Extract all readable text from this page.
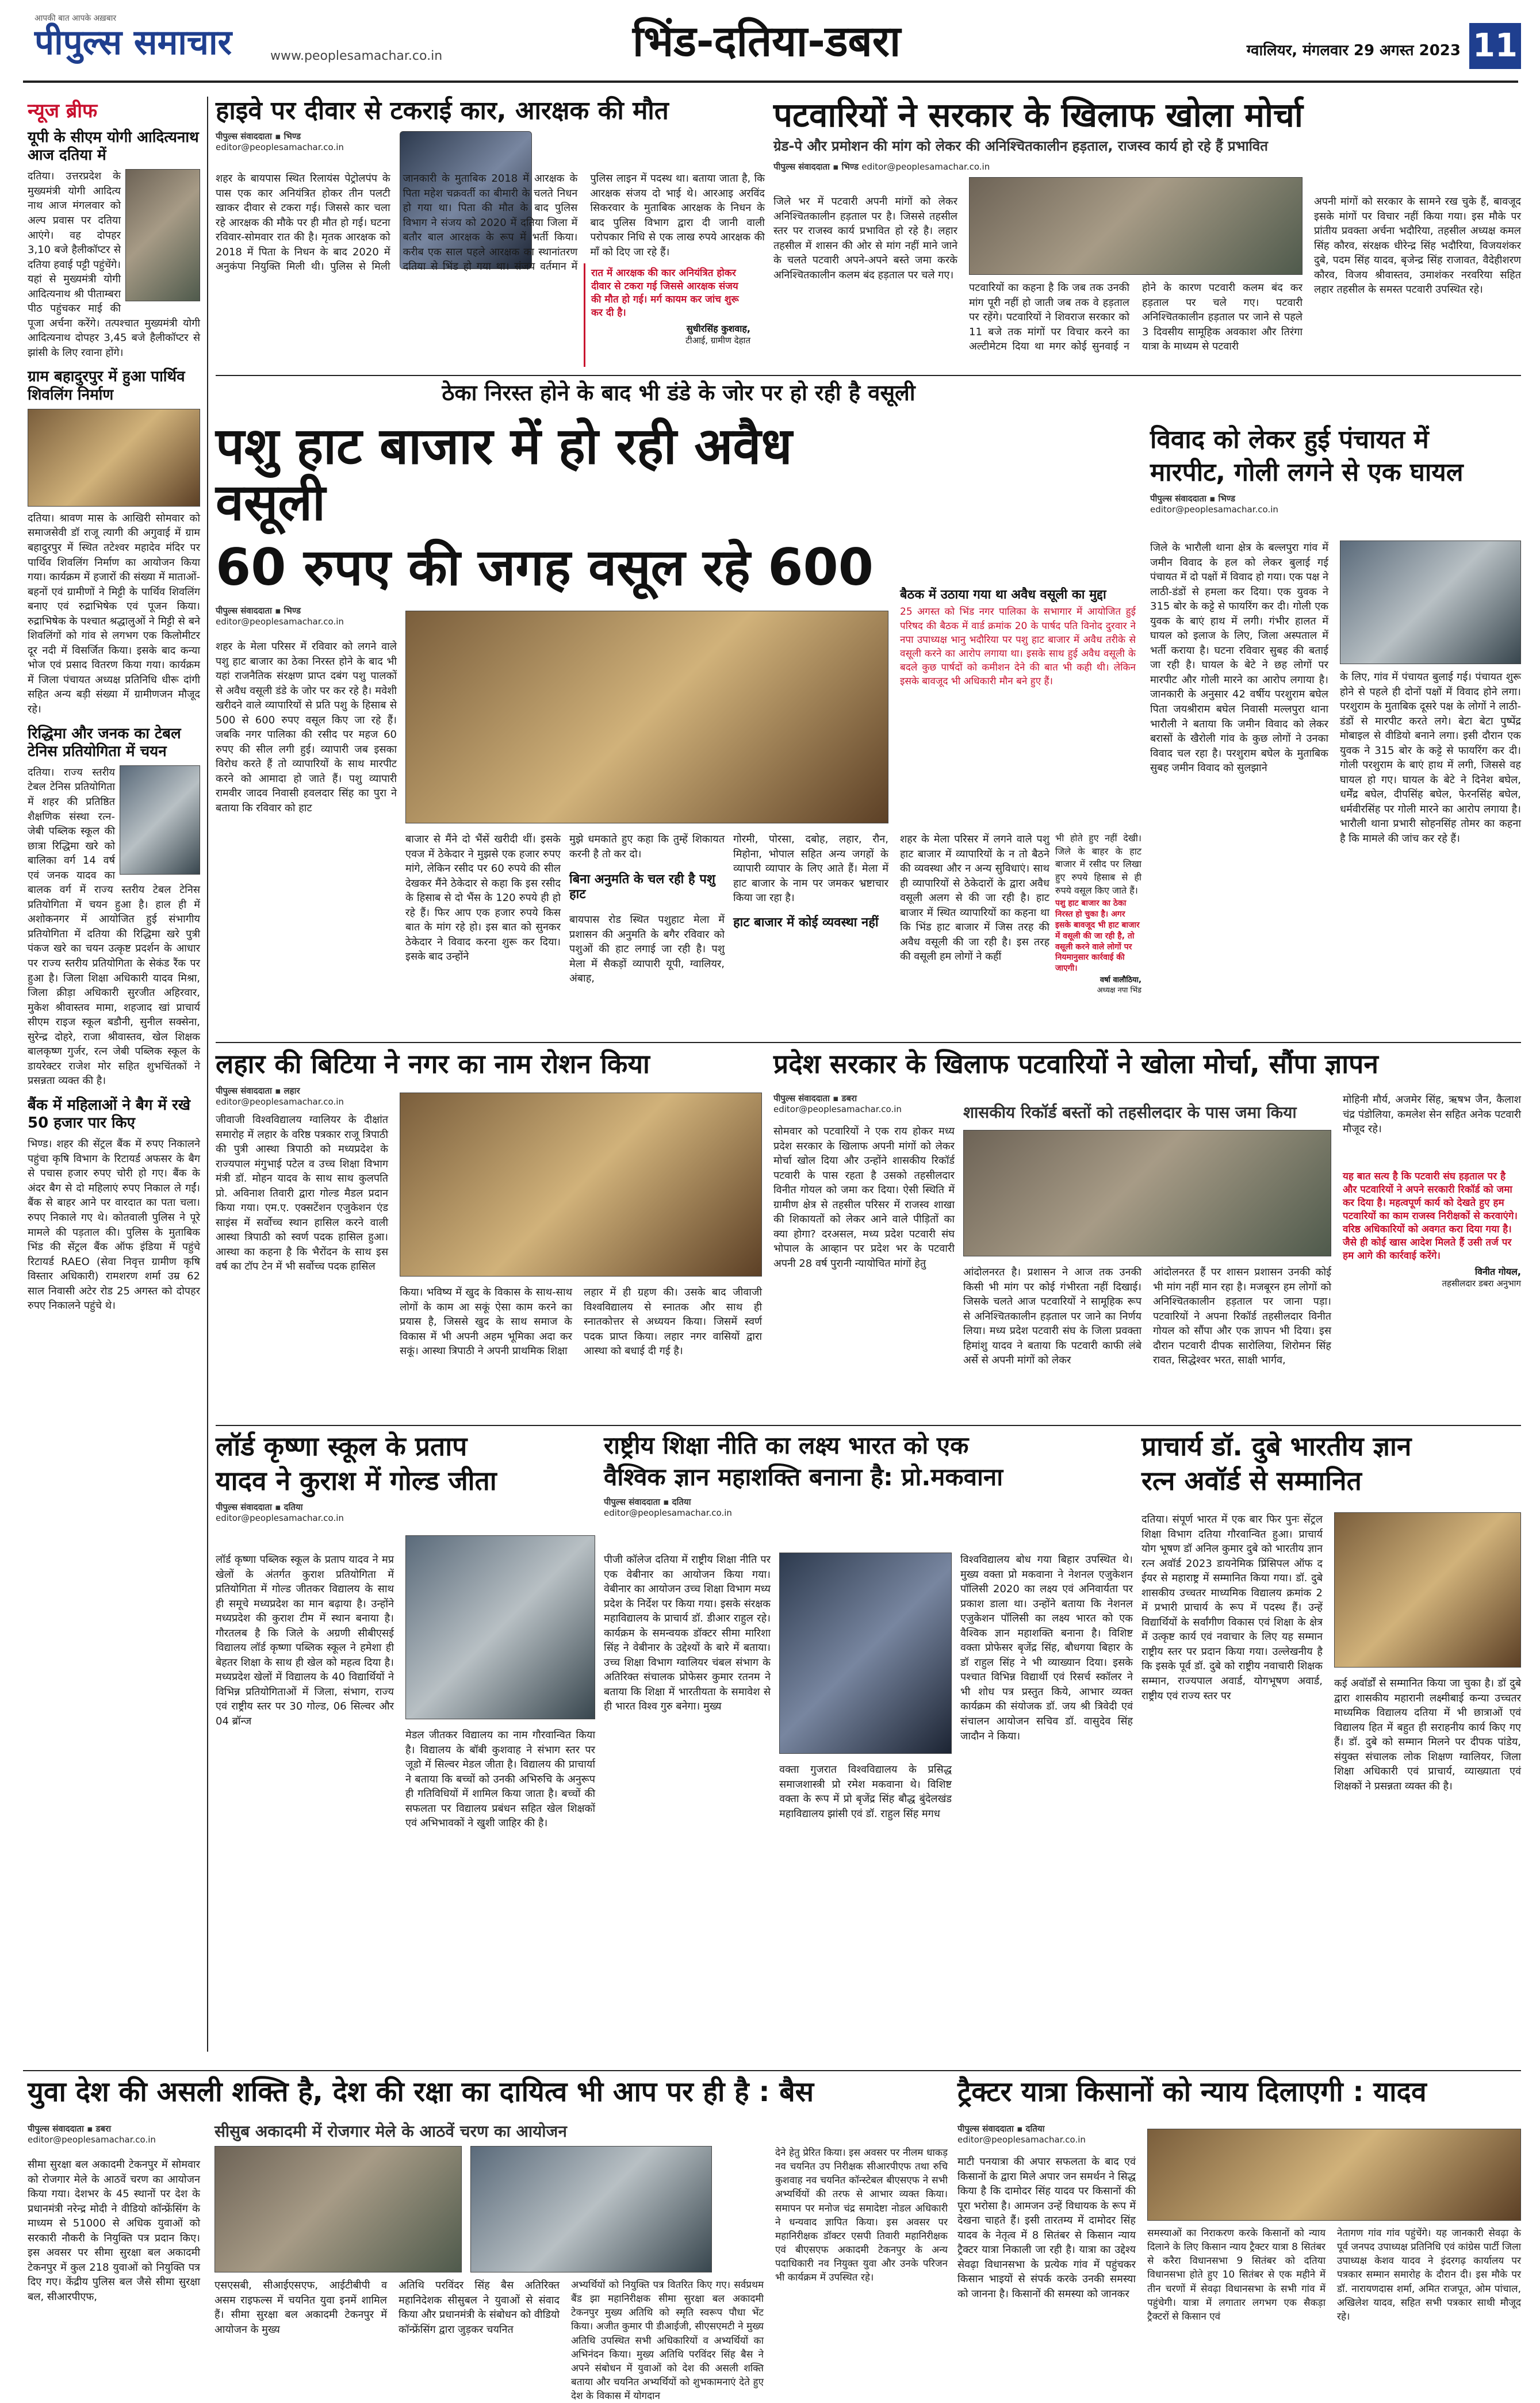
आपकी बात आपके अख़बार
पीपुल्स समाचार	www.peoplesamachar.co.in	भिंड-दतिया-डबरा	ग्वालियर, मंगलवार 29 अगस्त 2023 11
न्यूज ब्रीफ
यूपी के सीएम योगी आदित्यनाथ आज दतिया में
दतिया। उत्तरप्रदेश के मुख्यमंत्री योगी आदित्य नाथ आज मंगलवार को अल्प प्रवास पर दतिया आएंगे। वह दोपहर 3,10 बजे हैलीकॉप्टर से दतिया हवाई पट्टी पहुंचेंगे। यहां से मुख्यमंत्री योगी आदित्यनाथ श्री पीताम्बरा पीठ पहुंचकर माई की पूजा अर्चना करेंगे। तत्पश्चात मुख्यमंत्री योगी आदित्यनाथ दोपहर 3,45 बजे हैलीकॉप्टर से झांसी के लिए रवाना होंगे।
ग्राम बहादुरपुर में हुआ पार्थिव शिवलिंग निर्माण
दतिया। श्रावण मास के आखिरी सोमवार को समाजसेवी डॉ राजू त्यागी की अगुवाई में ग्राम बहादुरपुर में स्थित तटेश्वर महादेव मंदिर पर पार्थिव शिवलिंग निर्माण का आयोजन किया गया। कार्यक्रम में हजारों की संख्या में माताओं-बहनों एवं ग्रामीणों ने मिट्टी के पार्थिव शिवलिंग बनाए एवं रुद्राभिषेक एवं पूजन किया। रुद्राभिषेक के पश्चात श्रद्धालुओं ने मिट्टी से बने शिवलिंगों को गांव से लगभग एक किलोमीटर दूर नदी में विसर्जित किया। इसके बाद कन्या भोज एवं प्रसाद वितरण किया गया। कार्यक्रम में जिला पंचायत अध्यक्ष प्रतिनिधि धीरू दांगी सहित अन्य बड़ी संख्या में ग्रामीणजन मौजूद रहे।
रिद्धिमा और जनक का टेबल टेनिस प्रतियोगिता में चयन
दतिया। राज्य स्तरीय टेबल टेनिस प्रतियोगिता में शहर की प्रतिष्ठित शैक्षणिक संस्था रत्न-जेबी पब्लिक स्कूल की छात्रा रिद्धिमा खरे को बालिका वर्ग 14 वर्ष एवं जनक यादव का बालक वर्ग में राज्य स्तरीय टेबल टेनिस प्रतियोगिता में चयन हुआ है। हाल ही में अशोकनगर में आयोजित हुई संभागीय प्रतियोगिता में दतिया की रिद्धिमा खरे पुत्री पंकज खरे का चयन उत्कृष्ट प्रदर्शन के आधार पर राज्य स्तरीय प्रतियोगिता के सेकंड रैंक पर हुआ है। जिला शिक्षा अधिकारी यादव मिश्रा, जिला क्रीड़ा अधिकारी सुरजीत अहिरवार, मुकेश श्रीवास्तव मामा, शहजाद खां प्राचार्य सीएम राइज स्कूल बडौनी, सुनील सक्सेना, सुरेन्द्र दोहरे, राजा श्रीवास्तव, खेल शिक्षक बालकृष्ण गुर्जर, रत्न जेबी पब्लिक स्कूल के डायरेक्टर राजेश मोर सहित शुभचिंतकों ने प्रसन्नता व्यक्त की है।
बैंक में महिलाओं ने बैग में रखे 50 हजार पार किए
भिण्ड। शहर की सेंट्रल बैंक में रुपए निकालने पहुंचा कृषि विभाग के रिटायर्ड अफसर के बैग से पचास हजार रुपए चोरी हो गए। बैंक के अंदर बैग से दो महिलाएं रुपए निकाल ले गईं। बैंक से बाहर आने पर वारदात का पता चला। रुपए निकाले गए थे। कोतवाली पुलिस ने पूरे मामले की पड़ताल की। पुलिस के मुताबिक भिंड की सेंट्रल बैंक ऑफ इंडिया में पहुंचे रिटायर्ड RAEO (सेवा निवृत्त ग्रामीण कृषि विस्तार अधिकारी) रामशरण शर्मा उम्र 62 साल निवासी अटेर रोड 25 अगस्त को दोपहर रुपए निकालने पहुंचे थे।
हाइवे पर दीवार से टकराई कार, आरक्षक की मौत
पीपुल्स संवाददाता ▪ भिण्ड
editor@peoplesamachar.co.in
शहर के बायपास स्थित रिलायंस पेट्रोलपंप के पास एक कार अनियंत्रित होकर तीन पलटी खाकर दीवार से टकरा गई। जिससे कार चला रहे आरक्षक की मौके पर ही मौत हो गई। घटना रविवार-सोमवार रात की है। मृतक आरक्षक को 2018 में पिता के निधन के बाद 2020 में अनुकंपा नियुक्ति मिली थी। पुलिस से मिली जानकारी के मुताबिक 2018 में आरक्षक के पिता महेश चक्रवर्ती का बीमारी के चलते निधन हो गया था। पिता की मौत के बाद पुलिस विभाग ने संजय को 2020 में दतिया जिला में बतौर बाल आरक्षक के रूप में भर्ती किया। करीब एक साल पहले आरक्षक का स्थानांतरण दतिया से भिंड हो गया था। संजय वर्तमान में पुलिस लाइन में पदस्थ था। बताया जाता है, कि आरक्षक संजय दो भाई थे। आरआइ अरविंद सिकरवार के मुताबिक आरक्षक के निधन के बाद पुलिस विभाग द्वारा दी जानी वाली परोपकार निधि से एक लाख रुपये आरक्षक की माँ को दिए जा रहे हैं।
रात में आरक्षक की कार अनियंत्रित होकर दीवार से टकरा गई जिससे आरक्षक संजय की मौत हो गई। मर्ग कायम कर जांच शुरू कर दी है।
सुधीरसिंह कुशवाह,
टीआई, ग्रामीण देहात
पटवारियों ने सरकार के खिलाफ खोला मोर्चा
ग्रेड-पे और प्रमोशन की मांग को लेकर की अनिश्चितकालीन हड़ताल, राजस्व कार्य हो रहे हैं प्रभावित
पीपुल्स संवाददाता ▪ भिण्ड editor@peoplesamachar.co.in
जिले भर में पटवारी अपनी मांगों को लेकर अनिश्चितकालीन हड़ताल पर है। जिससे तहसील स्तर पर राजस्व कार्य प्रभावित हो रहे है। लहार तहसील में शासन की ओर से मांग नहीं माने जाने के चलते पटवारी अपने-अपने बस्ते जमा करके अनिश्चितकालीन कलम बंद हड़ताल पर चले गए।
पटवारियों का कहना है कि जब तक उनकी मांग पूरी नहीं हो जाती जब तक वे हड़ताल पर रहेंगे। पटवारियों ने शिवराज सरकार को 11 बजे तक मांगों पर विचार करने का अल्टीमेटम दिया था मगर कोई सुनवाई न होने के कारण पटवारी कलम बंद कर हड़ताल पर चले गए। पटवारी अनिश्चितकालीन हड़ताल पर जाने से पहले 3 दिवसीय सामूहिक अवकाश और तिरंगा यात्रा के माध्यम से पटवारी
अपनी मांगों को सरकार के सामने रख चुके हैं, बावजूद इसके मांगों पर विचार नहीं किया गया। इस मौके पर प्रांतीय प्रवक्ता अर्चना भदौरिया, तहसील अध्यक्ष कमल सिंह कौरव, संरक्षक धीरेन्द्र सिंह भदौरिया, विजयशंकर दुबे, पदम सिंह यादव, बृजेन्द्र सिंह राजावत, वैदेहीशरण कौरव, विजय श्रीवास्तव, उमाशंकर नरवरिया सहित लहार तहसील के समस्त पटवारी उपस्थित रहे।
ठेका निरस्त होने के बाद भी डंडे के जोर पर हो रही है वसूली
पशु हाट बाजार में हो रही अवैध वसूली
60 रुपए की जगह वसूल रहे 600
पीपुल्स संवाददाता ▪ भिण्ड
editor@peoplesamachar.co.in
शहर के मेला परिसर में रविवार को लगने वाले पशु हाट बाजार का ठेका निरस्त होने के बाद भी यहां राजनैतिक संरक्षण प्राप्त दबंग पशु पालकों से अवैध वसूली डंडे के जोर पर कर रहे है। मवेशी खरीदने वाले व्यापारियों से प्रति पशु के हिसाब से 500 से 600 रुपए वसूल किए जा रहे हैं। जबकि नगर पालिका की रसीद पर महज 60 रुपए की सील लगी हुई। व्यापारी जब इसका विरोध करते हैं तो व्यापारियों के साथ मारपीट करने को आमादा हो जाते हैं। पशु व्यापारी रामवीर जादव निवासी हवलदार सिंह का पुरा ने बताया कि रविवार को हाट
बाजार से मैंने दो भैंसें खरीदी थीं। इसके एवज में ठेकेदार ने मुझसे एक हजार रुपए मांगे, लेकिन रसीद पर 60 रुपये की सील देखकर मैंने ठेकेदार से कहा कि इस रसीद के हिसाब से दो भैंस के 120 रुपये ही हो रहे हैं। फिर आप एक हजार रुपये किस बात के मांग रहे हो। इस बात को सुनकर ठेकेदार ने विवाद करना शुरू कर दिया। इसके बाद उन्होंने
मुझे धमकाते हुए कहा कि तुम्हें शिकायत करनी है तो कर दो।
बिना अनुमति के चल रही है पशु हाट
बायपास रोड स्थित पशुहाट मेला में प्रशासन की अनुमति के बगैर रविवार को पशुओं की हाट लगाई जा रही है। पशु मेला में सैकड़ों व्यापारी यूपी, ग्वालियर, अंबाह,
गोरमी, पोरसा, दबोह, लहार, रौन, मिहोना, भोपाल सहित अन्य जगहों के व्यापारी व्यापार के लिए आते हैं। मेला में हाट बाजार के नाम पर जमकर भ्रष्टाचार किया जा रहा है।
हाट बाजार में कोई व्यवस्था नहीं
शहर के मेला परिसर में लगने वाले पशु हाट बाजार में व्यापारियों के न तो बैठने की व्यवस्था और न अन्य सुविधाएं। साथ ही व्यापारियों से ठेकेदारों के द्वारा अवैध वसूली अलग से की जा रही है। हाट बाजार में स्थित व्यापारियों का कहना था कि भिंड हाट बाजार में जिस तरह की अवैध वसूली की जा रही है। इस तरह की वसूली हम लोगों ने कहीं
बैठक में उठाया गया था अवैध वसूली का मुद्दा
25 अगस्त को भिंड नगर पालिका के सभागार में आयोजित हुई परिषद की बैठक में वार्ड क्रमांक 20 के पार्षद पति विनोद दुरवार ने नपा उपाध्यक्ष भानु भदौरिया पर पशु हाट बाजार में अवैध तरीके से वसूली करने का आरोप लगाया था। इसके साथ हुई अवैध वसूली के बदले कुछ पार्षदों को कमीशन देने की बात भी कही थी। लेकिन इसके बावजूद भी अधिकारी मौन बने हुए हैं।
भी होते हुए नहीं देखी। जिले के बाहर के हाट बाजार में रसीद पर लिखा हुए रुपये हिसाब से ही रुपये वसूल किए जाते हैं।
पशु हाट बाजार का ठेका निरस्त हो चुका है। अगर इसके बावजूद भी हाट बाजार में वसूली की जा रही है, तो वसूली करने वाले लोगों पर नियमानुसार कार्रवाई की जाएगी।
वर्षा वालौठिया,
अध्यक्ष नपा भिंड
विवाद को लेकर हुई पंचायत में
मारपीट, गोली लगने से एक घायल
पीपुल्स संवाददाता ▪ भिण्ड
editor@peoplesamachar.co.in
जिले के भारौली थाना क्षेत्र के बल्लपुरा गांव में जमीन विवाद के हल को लेकर बुलाई गई पंचायत में दो पक्षों में विवाद हो गया। एक पक्ष ने लाठी-डंडों से हमला कर दिया। एक युवक ने 315 बोर के कट्टे से फायरिंग कर दी। गोली एक युवक के बाएं हाथ में लगी। गंभीर हालत में घायल को इलाज के लिए, जिला अस्पताल में भर्ती कराया है। घटना रविवार सुबह की बताई जा रही है। घायल के बेटे ने छह लोगों पर मारपीट और गोली मारने का आरोप लगाया है। जानकारी के अनुसार 42 वर्षीय परशुराम बघेल पिता जयश्रीराम बघेल निवासी मल्लपुरा थाना भारौली ने बताया कि जमीन विवाद को लेकर बरासों के खैरोली गांव के कुछ लोगों ने उनका विवाद चल रहा है। परशुराम बघेल के मुताबिक सुबह जमीन विवाद को सुलझाने
के लिए, गांव में पंचायत बुलाई गई। पंचायत शुरू होने से पहले ही दोनों पक्षों में विवाद होने लगा। परशुराम के मुताबिक दूसरे पक्ष के लोगों ने लाठी-डंडों से मारपीट करते लगे। बेटा बेटा पुष्पेंद्र मोबाइल से वीडियो बनाने लगा। इसी दौरान एक युवक ने 315 बोर के कट्टे से फायरिंग कर दी। गोली परशुराम के बाएं हाथ में लगी, जिससे वह घायल हो गए। घायल के बेटे ने दिनेश बघेल, धर्मेंद्र बघेल, दीपसिंह बघेल, फेरनसिंह बघेल, धर्मवीरसिंह पर गोली मारने का आरोप लगाया है। भारौली थाना प्रभारी सोहनसिंह तोमर का कहना है कि मामले की जांच कर रहे हैं।
लहार की बिटिया ने नगर का नाम रोशन किया
पीपुल्स संवाददाता ▪ लहार
editor@peoplesamachar.co.in
जीवाजी विश्वविद्यालय ग्वालियर के दीक्षांत समारोह में लहार के वरिष्ठ पत्रकार राजू त्रिपाठी की पुत्री आस्था त्रिपाठी को मध्यप्रदेश के राज्यपाल मंगुभाई पटेल व उच्च शिक्षा विभाग मंत्री डॉ. मोहन यादव के साथ साथ कुलपति प्रो. अविनाश तिवारी द्वारा गोल्ड मैडल प्रदान किया गया। एम.ए. एक्सटेंशन एजुकेशन एंड साइंस में सर्वोच्च स्थान हासिल करने वाली आस्था त्रिपाठी को स्वर्ण पदक हासिल हुआ। आस्था का कहना है कि भैरोंदन के साथ इस वर्ष का टॉप टेन में भी सर्वोच्च पदक हासिल
किया। भविष्य में खुद के विकास के साथ-साथ लोगों के काम आ सकूं ऐसा काम करने का प्रयास है, जिससे खुद के साथ समाज के विकास में भी अपनी अहम भूमिका अदा कर सकूं। आस्था त्रिपाठी ने अपनी प्राथमिक शिक्षा
लहार में ही ग्रहण की। उसके बाद जीवाजी विश्वविद्यालय से स्नातक और साथ ही स्नातकोत्तर से अध्ययन किया। जिसमें स्वर्ण पदक प्राप्त किया। लहार नगर वासियों द्वारा आस्था को बधाई दी गई है।
प्रदेश सरकार के खिलाफ पटवारियों ने खोला मोर्चा, सौंपा ज्ञापन
शासकीय रिकॉर्ड बस्तों को तहसीलदार के पास जमा किया
पीपुल्स संवाददाता ▪ डबरा
editor@peoplesamachar.co.in
सोमवार को पटवारियों ने एक राय होकर मध्य प्रदेश सरकार के खिलाफ अपनी मांगों को लेकर मोर्चा खोल दिया और उन्होंने शासकीय रिकॉर्ड पटवारी के पास रहता है उसको तहसीलदार विनीत गोयल को जमा कर दिया। ऐसी स्थिति में ग्रामीण क्षेत्र से तहसील परिसर में राजस्व शाखा की शिकायतों को लेकर आने वाले पीड़ितों का क्या होगा? दरअसल, मध्य प्रदेश पटवारी संघ भोपाल के आव्हान पर प्रदेश भर के पटवारी अपनी 28 वर्ष पुरानी न्यायोचित मांगों हेतु
आंदोलनरत है। प्रशासन ने आज तक उनकी किसी भी मांग पर कोई गंभीरता नहीं दिखाई। जिसके चलते आज पटवारियों ने सामूहिक रूप से अनिश्चितकालीन हड़ताल पर जाने का निर्णय लिया। मध्य प्रदेश पटवारी संघ के जिला प्रवक्ता हिमांशु यादव ने बताया कि पटवारी काफी लंबे अर्से से अपनी मांगों को लेकर
आंदोलनरत हैं पर शासन प्रशासन उनकी कोई भी मांग नहीं मान रहा है। मजबूरन हम लोगों को अनिश्चितकालीन हड़ताल पर जाना पड़ा। पटवारियों ने अपना रिकॉर्ड तहसीलदार विनीत गोयल को सौंपा और एक ज्ञापन भी दिया। इस दौरान पटवारी दीपक सारोलिया, शिरोमन सिंह रावत, सिद्धेश्वर भरत, साक्षी भार्गव,
मोहिनी मौर्य, अजमेर सिंह, ऋषभ जैन, कैलाश चंद्र पंडोलिया, कमलेश सेन सहित अनेक पटवारी मौजूद रहे।
यह बात सत्य है कि पटवारी संघ हड़ताल पर है और पटवारियों ने अपने सरकारी रिकॉर्ड को जमा कर दिया है। महत्वपूर्ण कार्य को देखते हुए हम पटवारियों का काम राजस्व निरीक्षकों से करवाएंगे। वरिष्ठ अधिकारियों को अवगत करा दिया गया है। जैसे ही कोई खास आदेश मिलते हैं उसी तर्ज पर हम आगे की कार्रवाई करेंगे।
विनीत गोयल,
तहसीलदार डबरा अनुभाग
लॉर्ड कृष्णा स्कूल के प्रताप
यादव ने कुराश में गोल्ड जीता
पीपुल्स संवाददाता ▪ दतिया
editor@peoplesamachar.co.in
लॉर्ड कृष्णा पब्लिक स्कूल के प्रताप यादव ने मप्र खेलों के अंतर्गत कुराश प्रतियोगिता में प्रतियोगिता में गोल्ड जीतकर विद्यालय के साथ ही समूचे मध्यप्रदेश का मान बढ़ाया है। उन्होंने मध्यप्रदेश की कुराश टीम में स्थान बनाया है। गौरतलब है कि जिले के अग्रणी सीबीएसई विद्यालय लॉर्ड कृष्णा पब्लिक स्कूल ने हमेशा ही बेहतर शिक्षा के साथ ही खेल को महत्व दिया है। मध्यप्रदेश खेलों में विद्यालय के 40 विद्यार्थियों ने विभिन्न प्रतियोगिताओं में जिला, संभाग, राज्य एवं राष्ट्रीय स्तर पर 30 गोल्ड, 06 सिल्वर और 04 ब्रॉन्ज
मेडल जीतकर विद्यालय का नाम गौरवान्वित किया है। विद्यालय के बॉबी कुशवाह ने संभाग स्तर पर जूडो में सिल्वर मेडल जीता है। विद्यालय की प्राचार्या ने बताया कि बच्चों को उनकी अभिरुचि के अनुरूप ही गतिविधियों में शामिल किया जाता है। बच्चों की सफलता पर विद्यालय प्रबंधन सहित खेल शिक्षकों एवं अभिभावकों ने खुशी जाहिर की है।
राष्ट्रीय शिक्षा नीति का लक्ष्य भारत को एक
वैश्विक ज्ञान महाशक्ति बनाना है: प्रो.मकवाना
पीपुल्स संवाददाता ▪ दतिया
editor@peoplesamachar.co.in
पीजी कॉलेज दतिया में राष्ट्रीय शिक्षा नीति पर एक वेबीनार का आयोजन किया गया। वेबीनार का आयोजन उच्च शिक्षा विभाग मध्य प्रदेश के निर्देश पर किया गया। इसके संरक्षक महाविद्यालय के प्राचार्य डॉ. डीआर राहुल रहे। कार्यक्रम के समन्वयक डॉक्टर सीमा मारिशा सिंह ने वेबीनार के उद्देश्यों के बारे में बताया। उच्च शिक्षा विभाग ग्वालियर चंबल संभाग के अतिरिक्त संचालक प्रोफेसर कुमार रतनम ने बताया कि शिक्षा में भारतीयता के समावेश से ही भारत विश्व गुरु बनेगा। मुख्य
वक्ता गुजरात विश्वविद्यालय के प्रसिद्ध समाजशास्त्री प्रो रमेश मकवाना थे। विशिष्ट वक्ता के रूप में प्रो बृजेंद्र सिंह बौद्ध बुंदेलखंड महाविद्यालय झांसी एवं डॉ. राहुल सिंह मगध
विश्वविद्यालय बोध गया बिहार उपस्थित थे। मुख्य वक्ता प्रो मकवाना ने नेशनल एजुकेशन पॉलिसी 2020 का लक्ष्य एवं अनिवार्यता पर प्रकाश डाला था। उन्होंने बताया कि नेशनल एजुकेशन पॉलिसी का लक्ष्य भारत को एक वैश्विक ज्ञान महाशक्ति बनाना है। विशिष्ट वक्ता प्रोफेसर बृजेंद्र सिंह, बौधगया बिहार के डॉ राहुल सिंह ने भी व्याख्यान दिया। इसके पश्चात विभिन्न विद्यार्थी एवं रिसर्च स्कॉलर ने भी शोध पत्र प्रस्तुत किये, आभार व्यक्त कार्यक्रम की संयोजक डॉ. जय श्री त्रिवेदी एवं संचालन आयोजन सचिव डॉ. वासुदेव सिंह जादौन ने किया।
प्राचार्य डॉ. दुबे भारतीय ज्ञान
रत्न अवॉर्ड से सम्मानित
दतिया। संपूर्ण भारत में एक बार फिर पुनः सेंट्रल शिक्षा विभाग दतिया गौरवान्वित हुआ। प्राचार्य योग भूषण डॉ अनिल कुमार दुबे को भारतीय ज्ञान रत्न अवॉर्ड 2023 डायनेमिक प्रिंसिपल ऑफ द ईयर से महाराष्ट्र में सम्मानित किया गया। डॉ. दुबे शासकीय उच्चतर माध्यमिक विद्यालय क्रमांक 2 में प्रभारी प्राचार्य के रूप में पदस्थ हैं। उन्हें विद्यार्थियों के सर्वांगीण विकास एवं शिक्षा के क्षेत्र में उत्कृष्ट कार्य एवं नवाचार के लिए यह सम्मान राष्ट्रीय स्तर पर प्रदान किया गया। उल्लेखनीय है कि इसके पूर्व डॉ. दुबे को राष्ट्रीय नवाचारी शिक्षक सम्मान, राज्यपाल अवार्ड, योगभूषण अवार्ड, राष्ट्रीय एवं राज्य स्तर पर
कई अवॉर्डों से सम्मानित किया जा चुका है। डॉ दुबे द्वारा शासकीय महारानी लक्ष्मीबाई कन्या उच्चतर माध्यमिक विद्यालय दतिया में भी छात्राओं एवं विद्यालय हित में बहुत ही सराहनीय कार्य किए गए हैं। डॉ. दुबे को सम्मान मिलने पर दीपक पांडेय, संयुक्त संचालक लोक शिक्षण ग्वालियर, जिला शिक्षा अधिकारी एवं प्राचार्य, व्याख्याता एवं शिक्षकों ने प्रसन्नता व्यक्त की है।
युवा देश की असली शक्ति है, देश की रक्षा का दायित्व भी आप पर ही है : बैस
पीपुल्स संवाददाता ▪ डबरा
editor@peoplesamachar.co.in	सीसुब अकादमी में रोजगार मेले के आठवें चरण का आयोजन
सीमा सुरक्षा बल अकादमी टेकनपुर में सोमवार को रोजगार मेले के आठवें चरण का आयोजन किया गया। देशभर के 45 स्थानों पर देश के प्रधानमंत्री नरेन्द्र मोदी ने वीडियो कॉन्फ्रेंसिंग के माध्यम से 51000 से अधिक युवाओं को सरकारी नौकरी के नियुक्ति पत्र प्रदान किए। इस अवसर पर सीमा सुरक्षा बल अकादमी टेकनपुर में कुल 218 युवाओं को नियुक्ति पत्र दिए गए। केंद्रीय पुलिस बल जैसे सीमा सुरक्षा बल, सीआरपीएफ,
एसएसबी, सीआईएसएफ, आईटीबीपी व असम राइफल्स में चयनित युवा इनमें शामिल हैं। सीमा सुरक्षा बल अकादमी टेकनपुर में आयोजन के मुख्य
अतिथि परविंदर सिंह बैस अतिरिक्त महानिदेशक सीसुबल ने युवाओं से संवाद किया और प्रधानमंत्री के संबोधन को वीडियो कॉन्फ्रेंसिंग द्वारा जुड़कर चयनित
अभ्यर्थियों को नियुक्ति पत्र वितरित किए गए। सर्वप्रथम बैंड झा महानिरीक्षक सीमा सुरक्षा बल अकादमी टेकनपुर मुख्य अतिथि को स्मृति स्वरूप पौधा भेंट किया। अजीत कुमार पी डीआईजी, सीएसएमटी ने मुख्य अतिथि उपस्थित सभी अधिकारियों व अभ्यर्थियों का अभिनंदन किया। मुख्य अतिथि परविंदर सिंह बैस ने अपने संबोधन में युवाओं को देश की असली शक्ति बताया और चयनित अभ्यर्थियों को शुभकामनाएं देते हुए देश के विकास में योगदान
देने हेतु प्रेरित किया। इस अवसर पर नीलम धाकड़ नव चयनित उप निरीक्षक सीआरपीएफ तथा रुचि कुशवाह नव चयनित कॉन्स्टेबल बीएसएफ ने सभी अभ्यर्थियों की तरफ से आभार व्यक्त किया। समापन पर मनोज चंद्र समादेष्टा नोडल अधिकारी ने धन्यवाद ज्ञापित किया। इस अवसर पर महानिरीक्षक डॉक्टर एसपी तिवारी महानिरीक्षक एवं बीएसएफ अकादमी टेकनपुर के अन्य पदाधिकारी नव नियुक्त युवा और उनके परिजन भी कार्यक्रम में उपस्थित रहे।
ट्रैक्टर यात्रा किसानों को न्याय दिलाएगी : यादव
पीपुल्स संवाददाता ▪ दतिया
editor@peoplesamachar.co.in
माटी पनयात्रा की अपार सफलता के बाद एवं किसानों के द्वारा मिले अपार जन समर्थन ने सिद्ध किया है कि दामोदर सिंह यादव पर किसानों की पूरा भरोसा है। आमजन उन्हें विधायक के रूप में देखना चाहते हैं। इसी तारतम्य में दामोदर सिंह यादव के नेतृत्व में 8 सितंबर से किसान न्याय ट्रैक्टर यात्रा निकाली जा रही है। यात्रा का उद्देश्य सेवढ़ा विधानसभा के प्रत्येक गांव में पहुंचकर किसान भाइयों से संपर्क करके उनकी समस्या को जानना है। किसानों की समस्या को जानकर
समस्याओं का निराकरण करके किसानों को न्याय दिलाने के लिए किसान न्याय ट्रैक्टर यात्रा 8 सितंबर से करैरा विधानसभा 9 सितंबर को दतिया विधानसभा होते हुए 10 सितंबर से एक महीने में तीन चरणों में सेवढ़ा विधानसभा के सभी गांव में पहुंचेगी। यात्रा में लगातार लगभग एक सैकड़ा ट्रैक्टरों से किसान एवं
नेतागण गांव गांव पहुंचेंगे। यह जानकारी सेवढ़ा के पूर्व जनपद उपाध्यक्ष प्रतिनिधि एवं कांग्रेस पार्टी जिला उपाध्यक्ष केशव यादव ने इंदरगढ़ कार्यालय पर पत्रकार सम्मान समारोह के दौरान दी। इस मौके पर डॉ. नारायणदास शर्मा, अमित राजपूत, ओम पांचाल, अखिलेश यादव, सहित सभी पत्रकार साथी मौजूद रहे।
